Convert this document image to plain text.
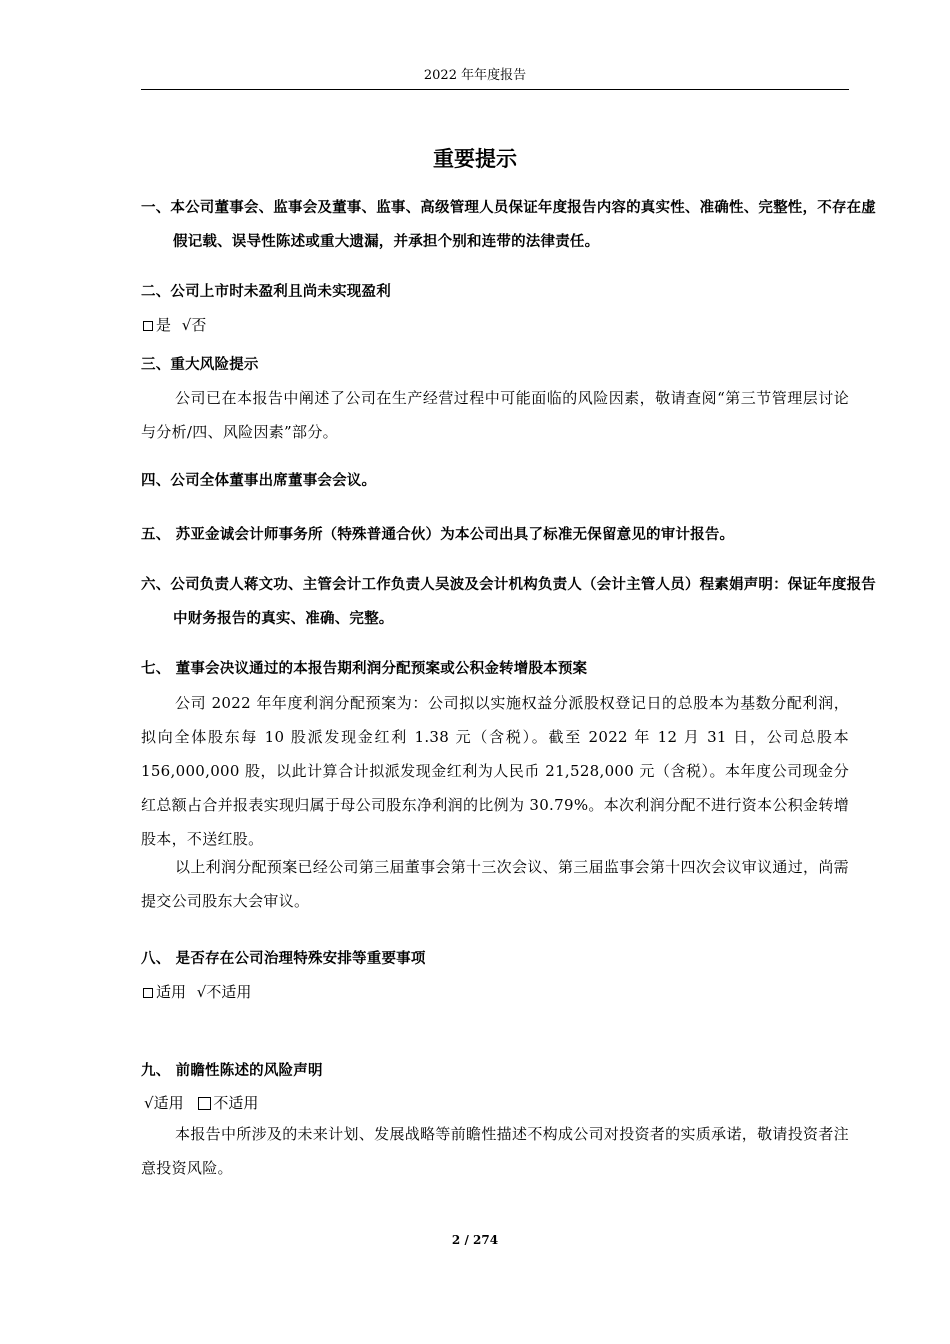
2022 年年度报告
重要提示
一、本公司董事会、监事会及董事、监事、高级管理人员保证年度报告内容的真实性、准确性、完整性，不存在虚假记载、误导性陈述或重大遗漏，并承担个别和连带的法律责任。
二、公司上市时未盈利且尚未实现盈利
是 √否
三、重大风险提示
公司已在本报告中阐述了公司在生产经营过程中可能面临的风险因素，敬请查阅“第三节管理层讨论与分析/四、风险因素”部分。
四、公司全体董事出席董事会会议。
五、 苏亚金诚会计师事务所（特殊普通合伙）为本公司出具了标准无保留意见的审计报告。
六、公司负责人蒋文功、主管会计工作负责人吴波及会计机构负责人（会计主管人员）程素娟声明：保证年度报告中财务报告的真实、准确、完整。
七、 董事会决议通过的本报告期利润分配预案或公积金转增股本预案
公司 2022 年年度利润分配预案为：公司拟以实施权益分派股权登记日的总股本为基数分配利润，拟向全体股东每 10 股派发现金红利 1.38 元（含税）。截至 2022 年 12 月 31 日，公司总股本 156,000,000 股，以此计算合计拟派发现金红利为人民币 21,528,000 元（含税）。本年度公司现金分红总额占合并报表实现归属于母公司股东净利润的比例为 30.79%。本次利润分配不进行资本公积金转增股本，不送红股。
以上利润分配预案已经公司第三届董事会第十三次会议、第三届监事会第十四次会议审议通过，尚需提交公司股东大会审议。
八、 是否存在公司治理特殊安排等重要事项
适用 √不适用
九、 前瞻性陈述的风险声明
√适用 不适用
本报告中所涉及的未来计划、发展战略等前瞻性描述不构成公司对投资者的实质承诺，敬请投资者注意投资风险。
2 / 274
